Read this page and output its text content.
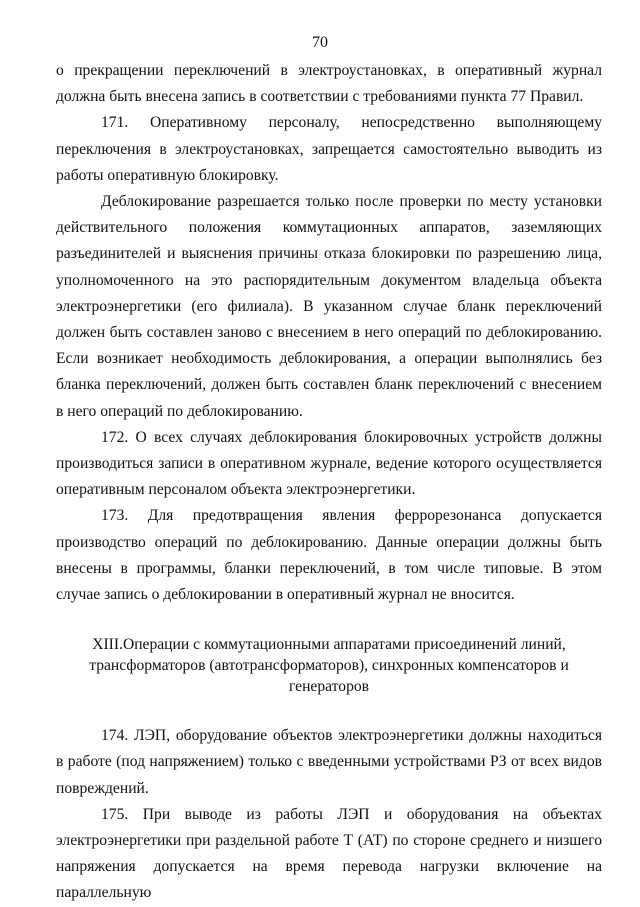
70

о прекращении переключений в электроустановках, в оперативный журнал должна быть внесена запись в соответствии с требованиями пункта 77 Правил.

171. Оперативному персоналу, непосредственно выполняющему переключения в электроустановках, запрещается самостоятельно выводить из работы оперативную блокировку.

Деблокирование разрешается только после проверки по месту установки действительного положения коммутационных аппаратов, заземляющих разъединителей и выяснения причины отказа блокировки по разрешению лица, уполномоченного на это распорядительным документом владельца объекта электроэнергетики (его филиала). В указанном случае бланк переключений должен быть составлен заново с внесением в него операций по деблокированию. Если возникает необходимость деблокирования, а операции выполнялись без бланка переключений, должен быть составлен бланк переключений с внесением в него операций по деблокированию.

172. О всех случаях деблокирования блокировочных устройств должны производиться записи в оперативном журнале, ведение которого осуществляется оперативным персоналом объекта электроэнергетики.

173. Для предотвращения явления феррорезонанса допускается производство операций по деблокированию. Данные операции должны быть внесены в программы, бланки переключений, в том числе типовые. В этом случае запись о деблокировании в оперативный журнал не вносится.

XIII.Операции с коммутационными аппаратами присоединений линий,
трансформаторов (автотрансформаторов), синхронных компенсаторов и генераторов

174. ЛЭП, оборудование объектов электроэнергетики должны находиться в работе (под напряжением) только с введенными устройствами РЗ от всех видов повреждений.

175. При выводе из работы ЛЭП и оборудования на объектах электроэнергетики при раздельной работе Т (АТ) по стороне среднего и низшего напряжения допускается на время перевода нагрузки включение на параллельную
